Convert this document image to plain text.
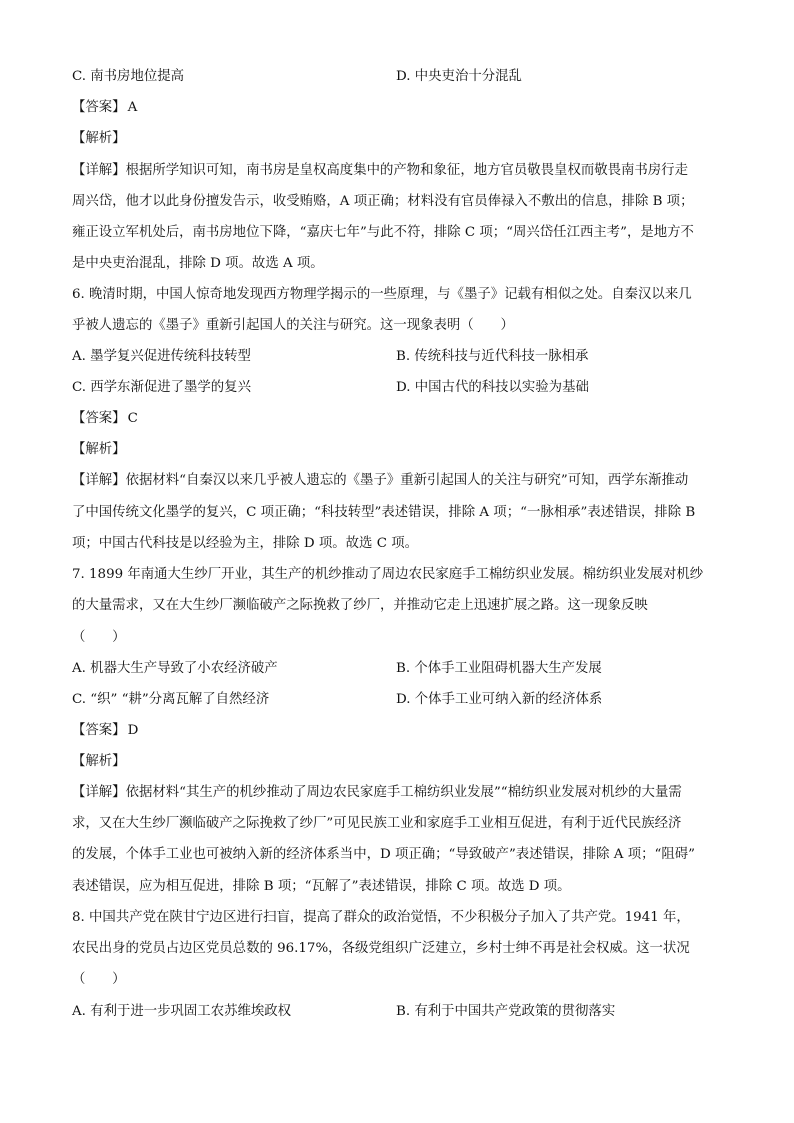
C. 南书房地位提高	D. 中央吏治十分混乱
【答案】 A
【解析】
【详解】根据所学知识可知，南书房是皇权高度集中的产物和象征，地方官员敬畏皇权而敬畏南书房行走
周兴岱，他才以此身份擅发告示，收受贿赂，A 项正确；材料没有官员俸禄入不敷出的信息，排除 B 项；
雍正设立军机处后，南书房地位下降，“嘉庆七年”与此不符，排除 C 项；“周兴岱任江西主考”，是地方不
是中央吏治混乱，排除 D 项。故选 A 项。
6. 晚清时期，中国人惊奇地发现西方物理学揭示的一些原理，与《墨子》记载有相似之处。自秦汉以来几
乎被人遗忘的《墨子》重新引起国人的关注与研究。这一现象表明（　　）
A. 墨学复兴促进传统科技转型	B. 传统科技与近代科技一脉相承
C. 西学东渐促进了墨学的复兴	D. 中国古代的科技以实验为基础
【答案】 C
【解析】
【详解】依据材料“自秦汉以来几乎被人遗忘的《墨子》重新引起国人的关注与研究”可知，西学东渐推动
了中国传统文化墨学的复兴，C 项正确；“科技转型”表述错误，排除 A 项；“一脉相承”表述错误，排除 B
项；中国古代科技是以经验为主，排除 D 项。故选 C 项。
7. 1899 年南通大生纱厂开业，其生产的机纱推动了周边农民家庭手工棉纺织业发展。棉纺织业发展对机纱
的大量需求，又在大生纱厂濒临破产之际挽救了纱厂，并推动它走上迅速扩展之路。这一现象反映
（　　）
A. 机器大生产导致了小农经济破产	B. 个体手工业阻碍机器大生产发展
C. “织” “耕”分离瓦解了自然经济	D. 个体手工业可纳入新的经济体系
【答案】 D
【解析】
【详解】依据材料“其生产的机纱推动了周边农民家庭手工棉纺织业发展”“棉纺织业发展对机纱的大量需
求，又在大生纱厂濒临破产之际挽救了纱厂”可见民族工业和家庭手工业相互促进，有利于近代民族经济
的发展，个体手工业也可被纳入新的经济体系当中，D 项正确；“导致破产”表述错误，排除 A 项；“阻碍”
表述错误，应为相互促进，排除 B 项；“瓦解了”表述错误，排除 C 项。故选 D 项。
8. 中国共产党在陕甘宁边区进行扫盲，提高了群众的政治觉悟，不少积极分子加入了共产党。1941 年，
农民出身的党员占边区党员总数的 96.17%，各级党组织广泛建立，乡村士绅不再是社会权威。这一状况
（　　）
A. 有利于进一步巩固工农苏维埃政权	B. 有利于中国共产党政策的贯彻落实
